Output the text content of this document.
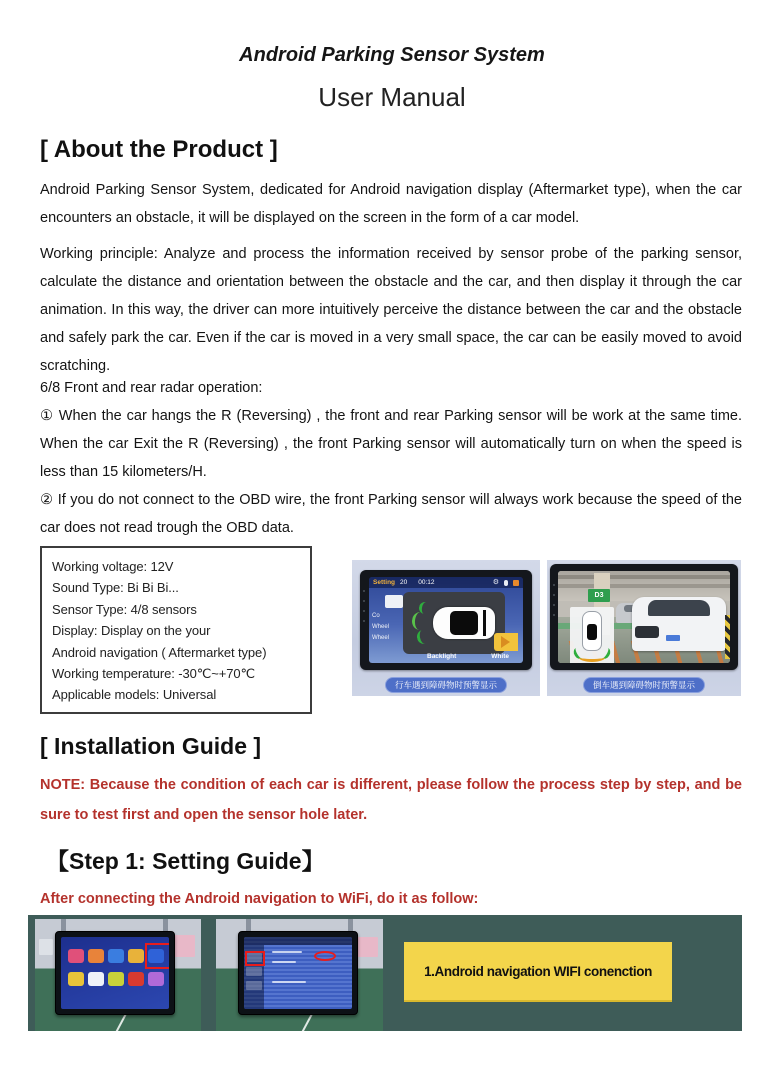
Android Parking Sensor System
User Manual
[ About the Product ]

Android Parking Sensor System, dedicated for Android navigation display (Aftermarket type), when the car encounters an obstacle, it will be displayed on the screen in the form of a car model.

Working principle: Analyze and process the information received by sensor probe of the parking sensor, calculate the distance and orientation between the obstacle and the car, and then display it through the car animation. In this way, the driver can more intuitively perceive the distance between the car and the obstacle and safely park the car. Even if the car is moved in a very small space, the car can be easily moved to avoid scratching.

6/8 Front and rear radar operation:
① When the car hangs the R (Reversing) , the front and rear Parking sensor will be work at the same time. When the car Exit the R (Reversing) , the front Parking sensor will automatically turn on when the speed is less than 15 kilometers/H.
② If you do not connect to the OBD wire, the front Parking sensor will always work because the speed of the car does not read trough the OBD data.
Working voltage: 12V
Sound Type: Bi Bi Bi...
Sensor Type: 4/8 sensors
Display: Display on the your
Android navigation ( Aftermarket type)
Working temperature: -30℃~+70℃
Applicable models: Universal
Setting 20 00:12	⚙
Co
Wheel
Wheel
Backlight	White
行车遇到障碍物时预警显示
D3
倒车遇到障碍物时预警显示
[ Installation Guide ]

NOTE: Because the condition of each car is different, please follow the process step by step, and be sure to test first and open the sensor hole later.

【Step 1: Setting Guide】
After connecting the Android navigation to WiFi, do it as follow:
1.Android navigation WIFI conenction
